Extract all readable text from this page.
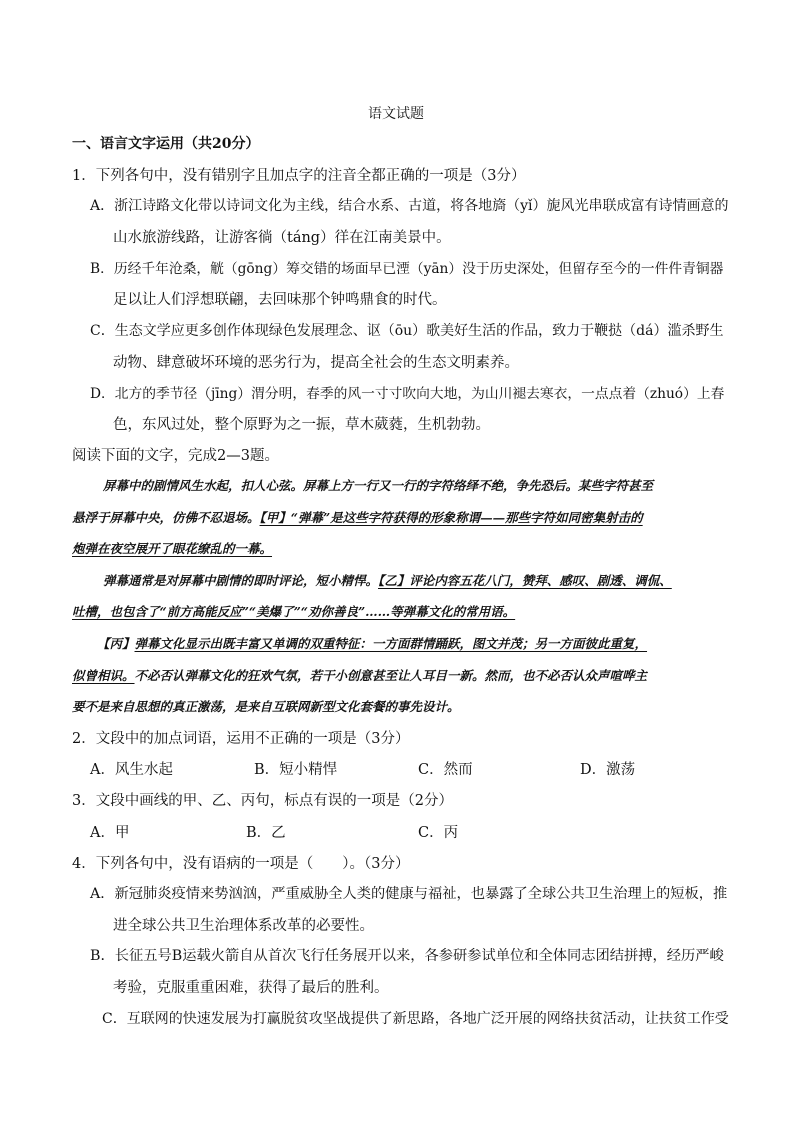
语文试题
一、语言文字运用（共20分）
1．下列各句中，没有错别字且加点字的注音全都正确的一项是（3分）
A．浙江诗路文化带以诗词文化为主线，结合水系、古道，将各地旖（yǐ）旎风光串联成富有诗情画意的
山水旅游线路，让游客徜（táng）徉在江南美景中。
B．历经千年沧桑，觥（gōng）筹交错的场面早已湮（yān）没于历史深处，但留存至今的一件件青铜器
足以让人们浮想联翩，去回味那个钟鸣鼎食的时代。
C．生态文学应更多创作体现绿色发展理念、讴（ōu）歌美好生活的作品，致力于鞭挞（dá）滥杀野生
动物、肆意破坏环境的恶劣行为，提高全社会的生态文明素养。
D．北方的季节径（jīng）渭分明，春季的风一寸寸吹向大地，为山川褪去寒衣，一点点着（zhuó）上春
色，东风过处，整个原野为之一振，草木葳蕤，生机勃勃。
阅读下面的文字，完成2—3题。
屏幕中的剧情风生水起，扣人心弦。屏幕上方一行又一行的字符络绎不绝，争先恐后。某些字符甚至
悬浮于屏幕中央，仿佛不忍退场。【甲】“弹幕”是这些字符获得的形象称谓——那些字符如同密集射击的
炮弹在夜空展开了眼花缭乱的一幕。
弹幕通常是对屏幕中剧情的即时评论，短小精悍。【乙】评论内容五花八门，赞拜、感叹、剧透、调侃、
吐槽，也包含了“前方高能反应”“美爆了”“劝你善良”……等弹幕文化的常用语。
【丙】弹幕文化显示出既丰富又单调的双重特征：一方面群情踊跃，图文并茂；另一方面彼此重复，
似曾相识。不必否认弹幕文化的狂欢气氛，若干小创意甚至让人耳目一新。然而，也不必否认众声喧哗主
要不是来自思想的真正激荡，是来自互联网新型文化套餐的事先设计。
2．文段中的加点词语，运用不正确的一项是（3分）
A．风生水起	B．短小精悍	C．然而	D．激荡
3．文段中画线的甲、乙、丙句，标点有误的一项是（2分）
A．甲	B．乙	C．丙
4．下列各句中，没有语病的一项是（　　）。（3分）
A．新冠肺炎疫情来势汹汹，严重威胁全人类的健康与福祉，也暴露了全球公共卫生治理上的短板，推
进全球公共卫生治理体系改革的必要性。
B．长征五号B运载火箭自从首次飞行任务展开以来，各参研参试单位和全体同志团结拼搏，经历严峻
考验，克服重重困难，获得了最后的胜利。
C．互联网的快速发展为打赢脱贫攻坚战提供了新思路，各地广泛开展的网络扶贫活动，让扶贫工作受
